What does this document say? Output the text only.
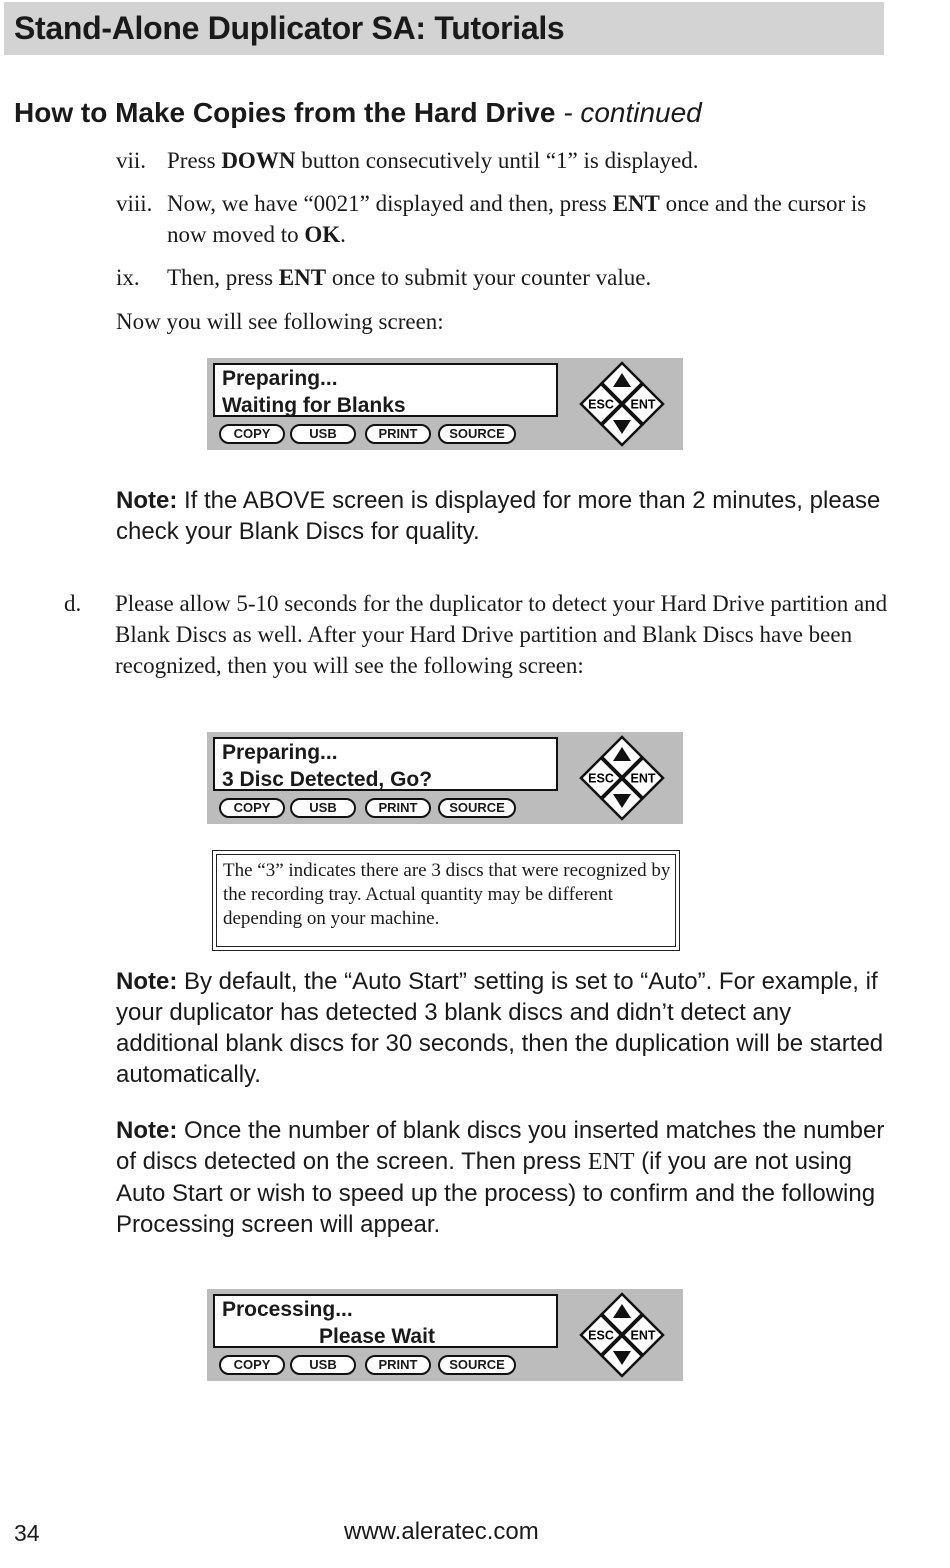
Stand-Alone Duplicator SA: Tutorials
How to Make Copies from the Hard Drive - continued
vii. Press DOWN button consecutively until “1” is displayed.
viii. Now, we have “0021” displayed and then, press ENT once and the cursor is now moved to OK.
ix. Then, press ENT once to submit your counter value.
Now you will see following screen:
Preparing...
Waiting for Blanks
COPY	USB	PRINT	SOURCE
ESC ENT
Note: If the ABOVE screen is displayed for more than 2 minutes, please check your Blank Discs for quality.
d. Please allow 5-10 seconds for the duplicator to detect your Hard Drive partition and Blank Discs as well. After your Hard Drive partition and Blank Discs have been recognized, then you will see the following screen:
Preparing...
3 Disc Detected, Go?
COPY	USB	PRINT	SOURCE
ESC ENT
The “3” indicates there are 3 discs that were recognized by the recording tray. Actual quantity may be different depending on your machine.
Note: By default, the “Auto Start” setting is set to “Auto”. For example, if your duplicator has detected 3 blank discs and didn’t detect any additional blank discs for 30 seconds, then the duplication will be started automatically.
Note: Once the number of blank discs you inserted matches the number of discs detected on the screen. Then press ENT (if you are not using Auto Start or wish to speed up the process) to confirm and the following Processing screen will appear.
Processing...
Please Wait
COPY	USB	PRINT	SOURCE
ESC ENT
34	www.aleratec.com
